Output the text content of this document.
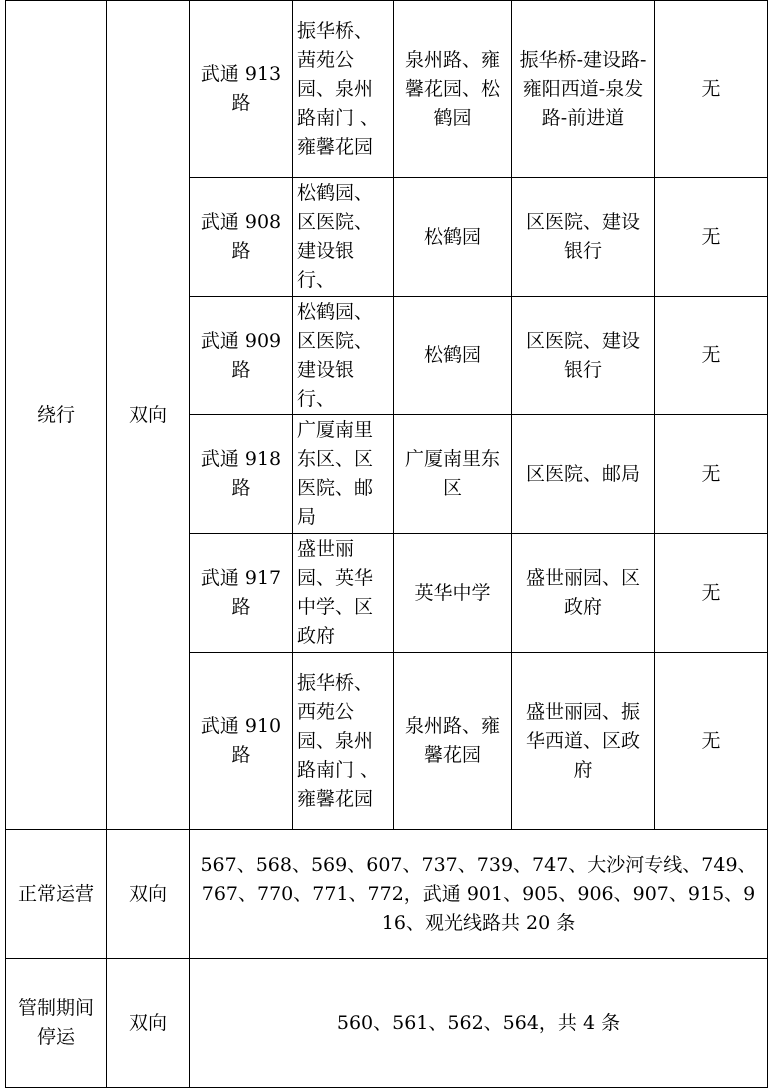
绕行	双向	武通 913 路	振华桥、茜苑公园、泉州路南门 、雍馨花园	泉州路、雍馨花园、松鹤园	振华桥-建设路-雍阳西道-泉发路-前进道	无
		武通 908 路	松鹤园、区医院、建设银行、	松鹤园	区医院、建设银行	无
		武通 909 路	松鹤园、区医院、建设银行、	松鹤园	区医院、建设银行	无
		武通 918 路	广厦南里东区、区医院、邮局	广厦南里东区	区医院、邮局	无
		武通 917 路	盛世丽园、英华中学、区政府	英华中学	盛世丽园、区政府	无
		武通 910 路	振华桥、西苑公园、泉州路南门 、雍馨花园	泉州路、雍馨花园	盛世丽园、振华西道、区政府	无
正常运营	双向	567、568、569、607、737、739、747、大沙河专线、749、767、770、771、772，武通 901、905、906、907、915、916、观光线路共 20 条				
管制期间停运	双向	560、561、562、564，共 4 条				
